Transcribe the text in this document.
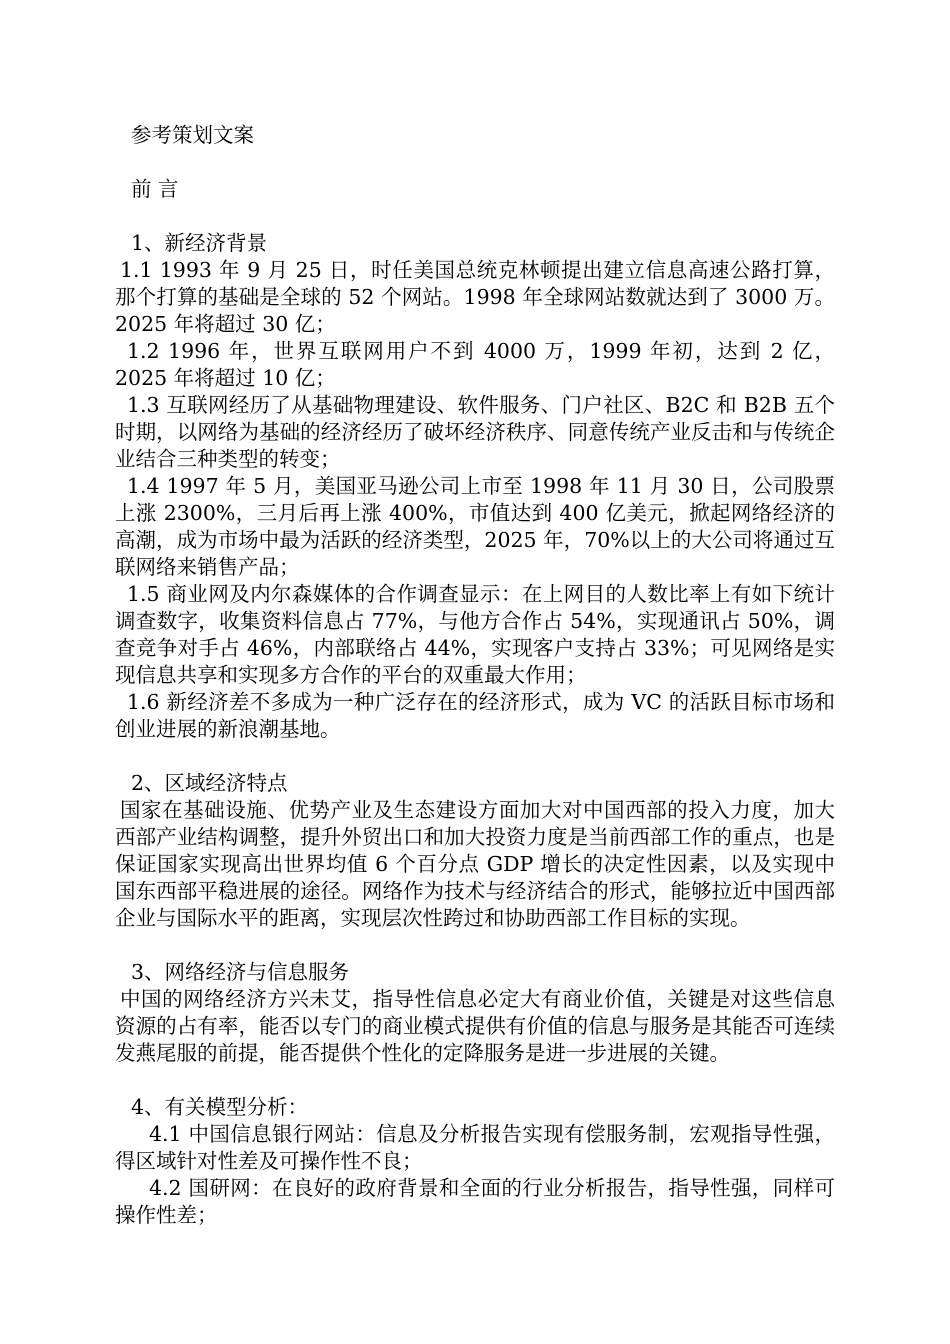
参考策划文案

前 言

1、新经济背景

1.1 1993 年 9 月 25 日，时任美国总统克林顿提出建立信息高速公路打算，那个打算的基础是全球的 52 个网站。1998 年全球网站数就达到了 3000 万。2025 年将超过 30 亿；

1.2 1996 年，世界互联网用户不到 4000 万，1999 年初，达到 2 亿，2025 年将超过 10 亿；

1.3 互联网经历了从基础物理建设、软件服务、门户社区、B2C 和 B2B 五个时期，以网络为基础的经济经历了破坏经济秩序、同意传统产业反击和与传统企业结合三种类型的转变；

1.4 1997 年 5 月，美国亚马逊公司上市至 1998 年 11 月 30 日，公司股票上涨 2300%，三月后再上涨 400%，市值达到 400 亿美元，掀起网络经济的高潮，成为市场中最为活跃的经济类型，2025 年，70%以上的大公司将通过互联网络来销售产品；

1.5 商业网及内尔森媒体的合作调查显示：在上网目的人数比率上有如下统计调查数字，收集资料信息占 77%，与他方合作占 54%，实现通讯占 50%，调查竞争对手占 46%，内部联络占 44%，实现客户支持占 33%；可见网络是实现信息共享和实现多方合作的平台的双重最大作用；

1.6 新经济差不多成为一种广泛存在的经济形式，成为 VC 的活跃目标市场和创业进展的新浪潮基地。

2、区域经济特点

国家在基础设施、优势产业及生态建设方面加大对中国西部的投入力度，加大西部产业结构调整，提升外贸出口和加大投资力度是当前西部工作的重点，也是保证国家实现高出世界均值 6 个百分点 GDP 增长的决定性因素，以及实现中国东西部平稳进展的途径。网络作为技术与经济结合的形式，能够拉近中国西部企业与国际水平的距离，实现层次性跨过和协助西部工作目标的实现。

3、网络经济与信息服务

中国的网络经济方兴未艾，指导性信息必定大有商业价值，关键是对这些信息资源的占有率，能否以专门的商业模式提供有价值的信息与服务是其能否可连续发燕尾服的前提，能否提供个性化的定降服务是进一步进展的关键。

4、有关模型分析：

4.1 中国信息银行网站：信息及分析报告实现有偿服务制，宏观指导性强，得区域针对性差及可操作性不良；

4.2 国研网：在良好的政府背景和全面的行业分析报告，指导性强，同样可操作性差；
